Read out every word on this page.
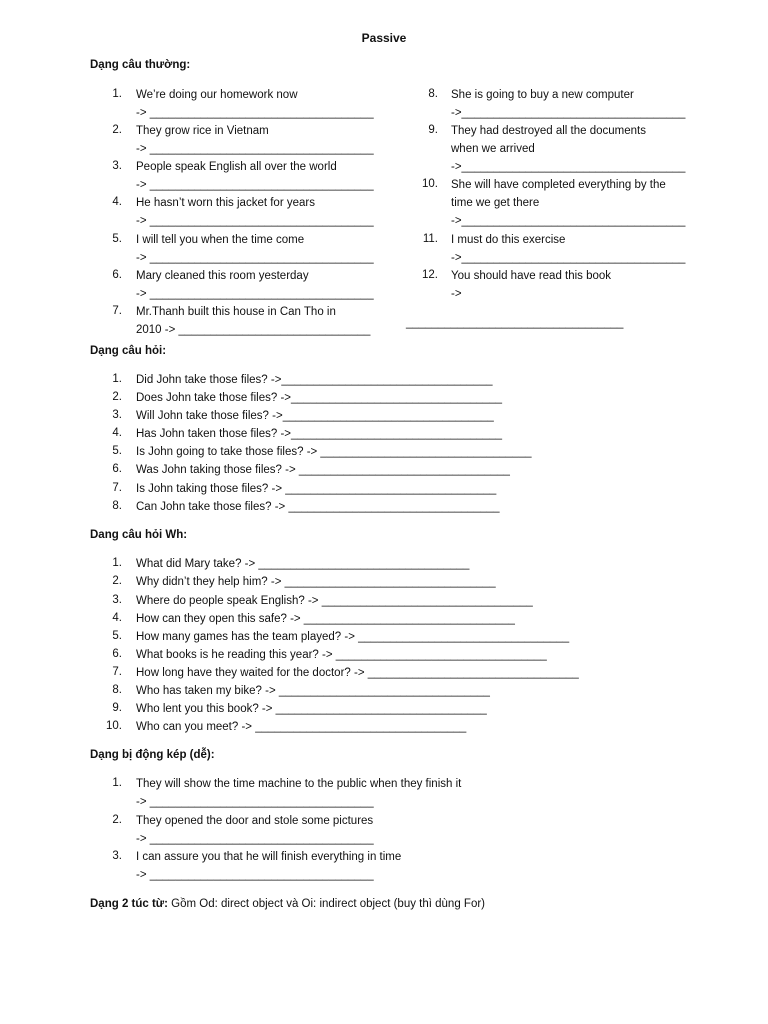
Passive
Dạng câu thường:
1. We’re doing our homework now
-> ___________________________________
2. They grow rice in Vietnam
-> ___________________________________
3. People speak English all over the world
-> ___________________________________
4. He hasn’t worn this jacket for years
-> ___________________________________
5. I will tell you when the time come
-> ___________________________________
6. Mary cleaned this room yesterday
-> ___________________________________
7. Mr.Thanh built this house in Can Tho in
2010 -> ______________________________
8. She is going to buy a new computer
->___________________________________
9. They had destroyed all the documents
when we arrived
->___________________________________
10. She will have completed everything by the
time we get there
->___________________________________
11. I must do this exercise
->___________________________________
12. You should have read this book
->
__________________________________
Dạng câu hỏi:
1. Did John take those files? ->_________________________________
2. Does John take those files? ->_________________________________
3. Will John take those files? ->_________________________________
4. Has John taken those files? ->_________________________________
5. Is John going to take those files? -> _________________________________
6. Was John taking those files? -> _________________________________
7. Is John taking those files? -> _________________________________
8. Can John take those files? -> _________________________________
Dang câu hỏi Wh:
1. What did Mary take? -> _________________________________
2. Why didn’t they help him? -> _________________________________
3. Where do people speak English? -> _________________________________
4. How can they open this safe? -> _________________________________
5. How many games has the team played? -> _________________________________
6. What books is he reading this year? -> _________________________________
7. How long have they waited for the doctor? -> _________________________________
8. Who has taken my bike? -> _________________________________
9. Who lent you this book? -> _________________________________
10. Who can you meet? -> _________________________________
Dạng bị động kép (dễ):
1. They will show the time machine to the public when they finish it
-> ___________________________________
2. They opened the door and stole some pictures
-> ___________________________________
3. I can assure you that he will finish everything in time
-> ___________________________________
Dạng 2 túc từ: Gồm Od: direct object và Oi: indirect object (buy thì dùng For)
